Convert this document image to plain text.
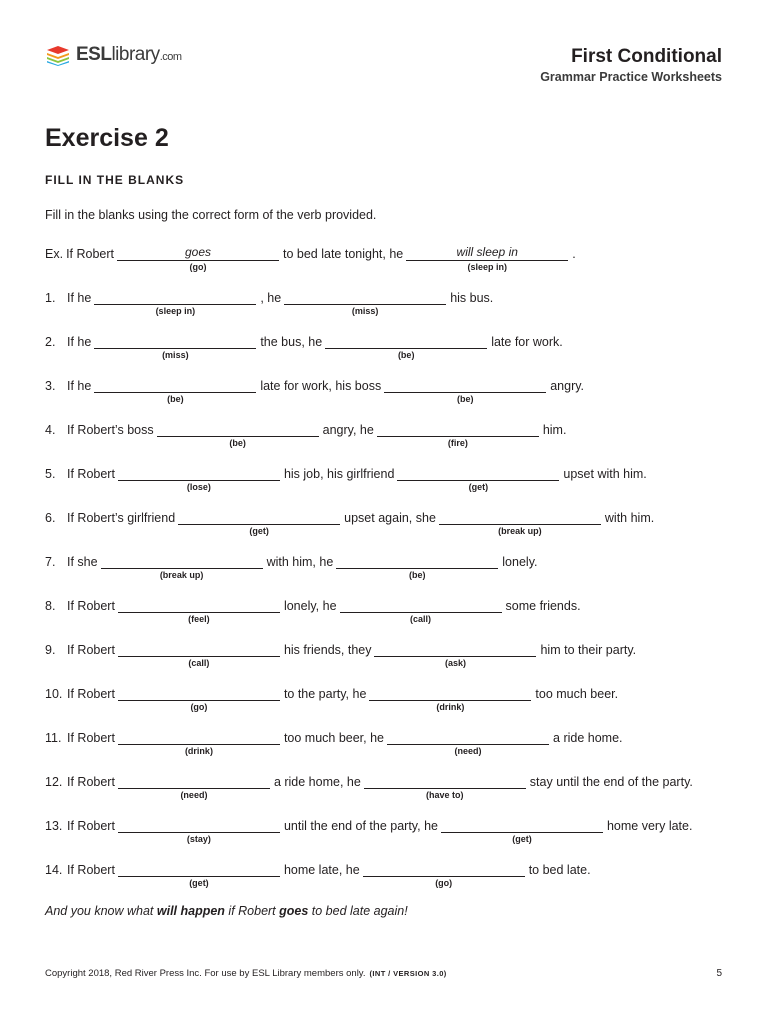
ESLlibrary.com	First Conditional
Grammar Practice Worksheets
Exercise 2
FILL IN THE BLANKS
Fill in the blanks using the correct form of the verb provided.
Ex. If Robert	goes
(go)
to bed late tonight, he	will sleep in
(sleep in)
.
1. If he
(sleep in)
, he
(miss)
his bus.
2. If he
(miss)
the bus, he
(be)
late for work.
3. If he
(be)
late for work, his boss
(be)
angry.
4. If Robert’s boss
(be)
angry, he
(fire)
him.
5. If Robert
(lose)
his job, his girlfriend
(get)
upset with him.
6. If Robert’s girlfriend
(get)
upset again, she
(break up)
with him.
7. If she
(break up)
with him, he
(be)
lonely.
8. If Robert
(feel)
lonely, he
(call)
some friends.
9. If Robert
(call)
his friends, they
(ask)
him to their party.
10. If Robert
(go)
to the party, he
(drink)
too much beer.
11. If Robert
(drink)
too much beer, he
(need)
a ride home.
12. If Robert
(need)
a ride home, he
(have to)
stay until the end of the party.
13. If Robert
(stay)
until the end of the party, he
(get)
home very late.
14. If Robert
(get)
home late, he
(go)
to bed late.
And you know what will happen if Robert goes to bed late again!
Copyright 2018, Red River Press Inc. For use by ESL Library members only. (INT / VERSION 3.0)	5
